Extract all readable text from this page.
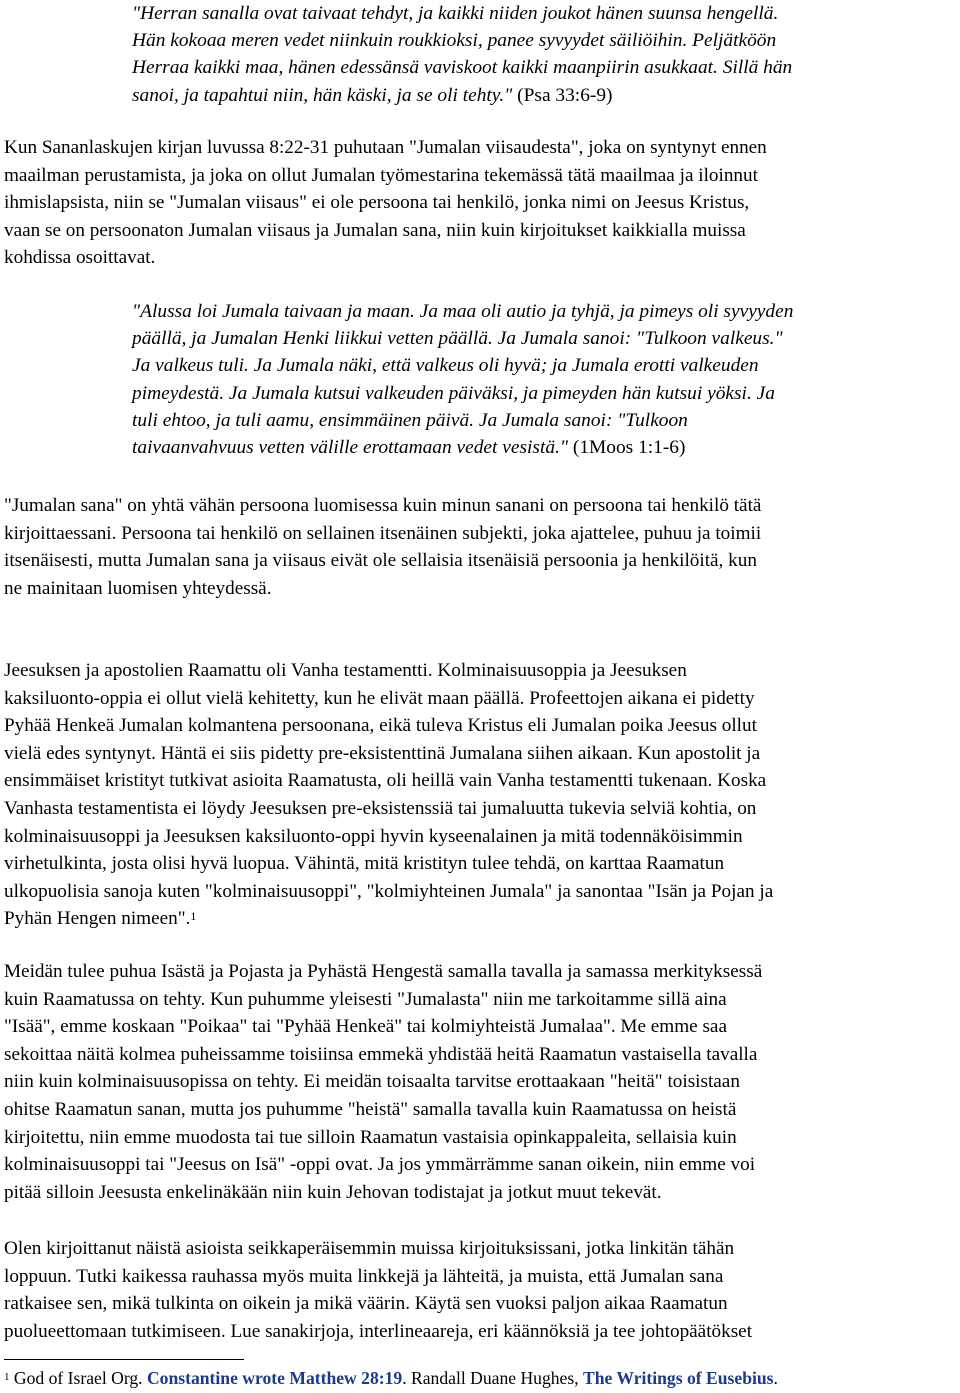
"Herran sanalla ovat taivaat tehdyt, ja kaikki niiden joukot hänen suunsa hengellä.
Hän kokoaa meren vedet niinkuin roukkioksi, panee syvyydet säiliöihin. Peljätköön
Herraa kaikki maa, hänen edessänsä vaviskoot kaikki maanpiirin asukkaat. Sillä hän
sanoi, ja tapahtui niin, hän käski, ja se oli tehty." (Psa 33:6-9)
Kun Sananlaskujen kirjan luvussa 8:22-31 puhutaan "Jumalan viisaudesta", joka on syntynyt ennen
maailman perustamista, ja joka on ollut Jumalan työmestarina tekemässä tätä maailmaa ja iloinnut
ihmislapsista, niin se "Jumalan viisaus" ei ole persoona tai henkilö, jonka nimi on Jeesus Kristus,
vaan se on persoonaton Jumalan viisaus ja Jumalan sana, niin kuin kirjoitukset kaikkialla muissa
kohdissa osoittavat.
"Alussa loi Jumala taivaan ja maan. Ja maa oli autio ja tyhjä, ja pimeys oli syvyyden
päällä, ja Jumalan Henki liikkui vetten päällä. Ja Jumala sanoi: "Tulkoon valkeus."
Ja valkeus tuli. Ja Jumala näki, että valkeus oli hyvä; ja Jumala erotti valkeuden
pimeydestä. Ja Jumala kutsui valkeuden päiväksi, ja pimeyden hän kutsui yöksi. Ja
tuli ehtoo, ja tuli aamu, ensimmäinen päivä. Ja Jumala sanoi: "Tulkoon
taivaanvahvuus vetten välille erottamaan vedet vesistä." (1Moos 1:1-6)
"Jumalan sana" on yhtä vähän persoona luomisessa kuin minun sanani on persoona tai henkilö tätä
kirjoittaessani. Persoona tai henkilö on sellainen itsenäinen subjekti, joka ajattelee, puhuu ja toimii
itsenäisesti, mutta Jumalan sana ja viisaus eivät ole sellaisia itsenäisiä persoonia ja henkilöitä, kun
ne mainitaan luomisen yhteydessä.
Jeesuksen ja apostolien Raamattu oli Vanha testamentti. Kolminaisuusoppia ja Jeesuksen
kaksiluonto-oppia ei ollut vielä kehitetty, kun he elivät maan päällä. Profeettojen aikana ei pidetty
Pyhää Henkeä Jumalan kolmantena persoonana, eikä tuleva Kristus eli Jumalan poika Jeesus ollut
vielä edes syntynyt. Häntä ei siis pidetty pre-eksistenttinä Jumalana siihen aikaan. Kun apostolit ja
ensimmäiset kristityt tutkivat asioita Raamatusta, oli heillä vain Vanha testamentti tukenaan. Koska
Vanhasta testamentista ei löydy Jeesuksen pre-eksistenssiä tai jumaluutta tukevia selviä kohtia, on
kolminaisuusoppi ja Jeesuksen kaksiluonto-oppi hyvin kyseenalainen ja mitä todennäköisimmin
virhetulkinta, josta olisi hyvä luopua. Vähintä, mitä kristityn tulee tehdä, on karttaa Raamatun
ulkopuolisia sanoja kuten "kolminaisuusoppi", "kolmiyhteinen Jumala" ja sanontaa "Isän ja Pojan ja
Pyhän Hengen nimeen".$^1$
Meidän tulee puhua Isästä ja Pojasta ja Pyhästä Hengestä samalla tavalla ja samassa merkityksessä
kuin Raamatussa on tehty. Kun puhumme yleisesti "Jumalasta" niin me tarkoitamme sillä aina
"Isää", emme koskaan "Poikaa" tai "Pyhää Henkeä" tai kolmiyhteistä Jumalaa". Me emme saa
sekoittaa näitä kolmea puheissamme toisiinsa emmekä yhdistää heitä Raamatun vastaisella tavalla
niin kuin kolminaisuusopissa on tehty. Ei meidän toisaalta tarvitse erottaakaan "heitä" toisistaan
ohitse Raamatun sanan, mutta jos puhumme "heistä" samalla tavalla kuin Raamatussa on heistä
kirjoitettu, niin emme muodosta tai tue silloin Raamatun vastaisia opinkappaleita, sellaisia kuin
kolminaisuusoppi tai "Jeesus on Isä" -oppi ovat. Ja jos ymmärrämme sanan oikein, niin emme voi
pitää silloin Jeesusta enkelinäkään niin kuin Jehovan todistajat ja jotkut muut tekevät.
Olen kirjoittanut näistä asioista seikkaperäisemmin muissa kirjoituksissani, jotka linkitän tähän
loppuun. Tutki kaikessa rauhassa myös muita linkkejä ja lähteitä, ja muista, että Jumalan sana
ratkaisee sen, mikä tulkinta on oikein ja mikä väärin. Käytä sen vuoksi paljon aikaa Raamatun
puolueettomaan tutkimiseen. Lue sanakirjoja, interlineaareja, eri käännöksiä ja tee johtopäätökset
$^1$ God of Israel Org. Constantine wrote Matthew 28:19. Randall Duane Hughes, The Writings of Eusebius.
